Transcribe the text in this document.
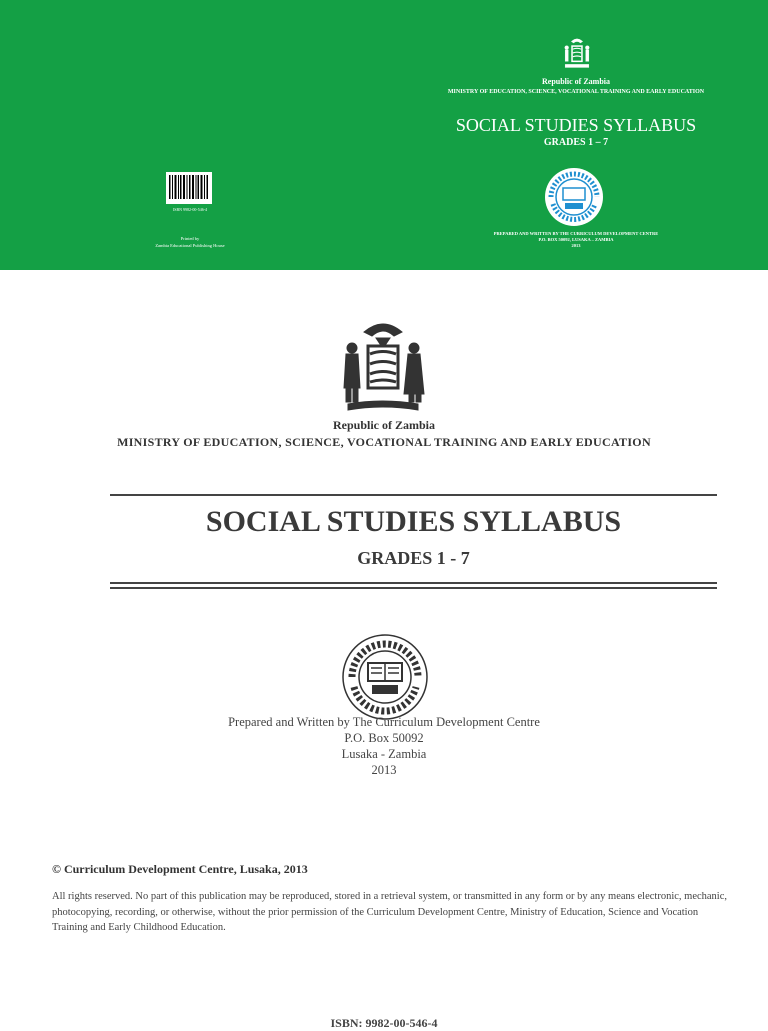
Republic of Zambia
MINISTRY OF EDUCATION, SCIENCE, VOCATIONAL TRAINING AND EARLY EDUCATION
SOCIAL STUDIES SYLLABUS
GRADES 1 – 7
ISBN 9982-00-546-4
Printed by
Zambia Educational Publishing House
PREPARED AND WRITTEN BY THE CURRICULUM DEVELOPMENT CENTRE
P.O. BOX 50092, LUSAKA – ZAMBIA
2013
Republic of Zambia
MINISTRY OF EDUCATION, SCIENCE, VOCATIONAL TRAINING AND EARLY EDUCATION
SOCIAL STUDIES SYLLABUS
GRADES 1 - 7
Prepared and Written by The Curriculum Development Centre
P.O. Box 50092
Lusaka - Zambia
2013
© Curriculum Development Centre, Lusaka, 2013
All rights reserved. No part of this publication may be reproduced, stored in a retrieval system, or transmitted in any form or by any means electronic, mechanic, photocopying, recording, or otherwise, without the prior permission of the Curriculum Development Centre, Ministry of Education, Science and Vocation Training and Early Childhood Education.
ISBN: 9982-00-546-4
